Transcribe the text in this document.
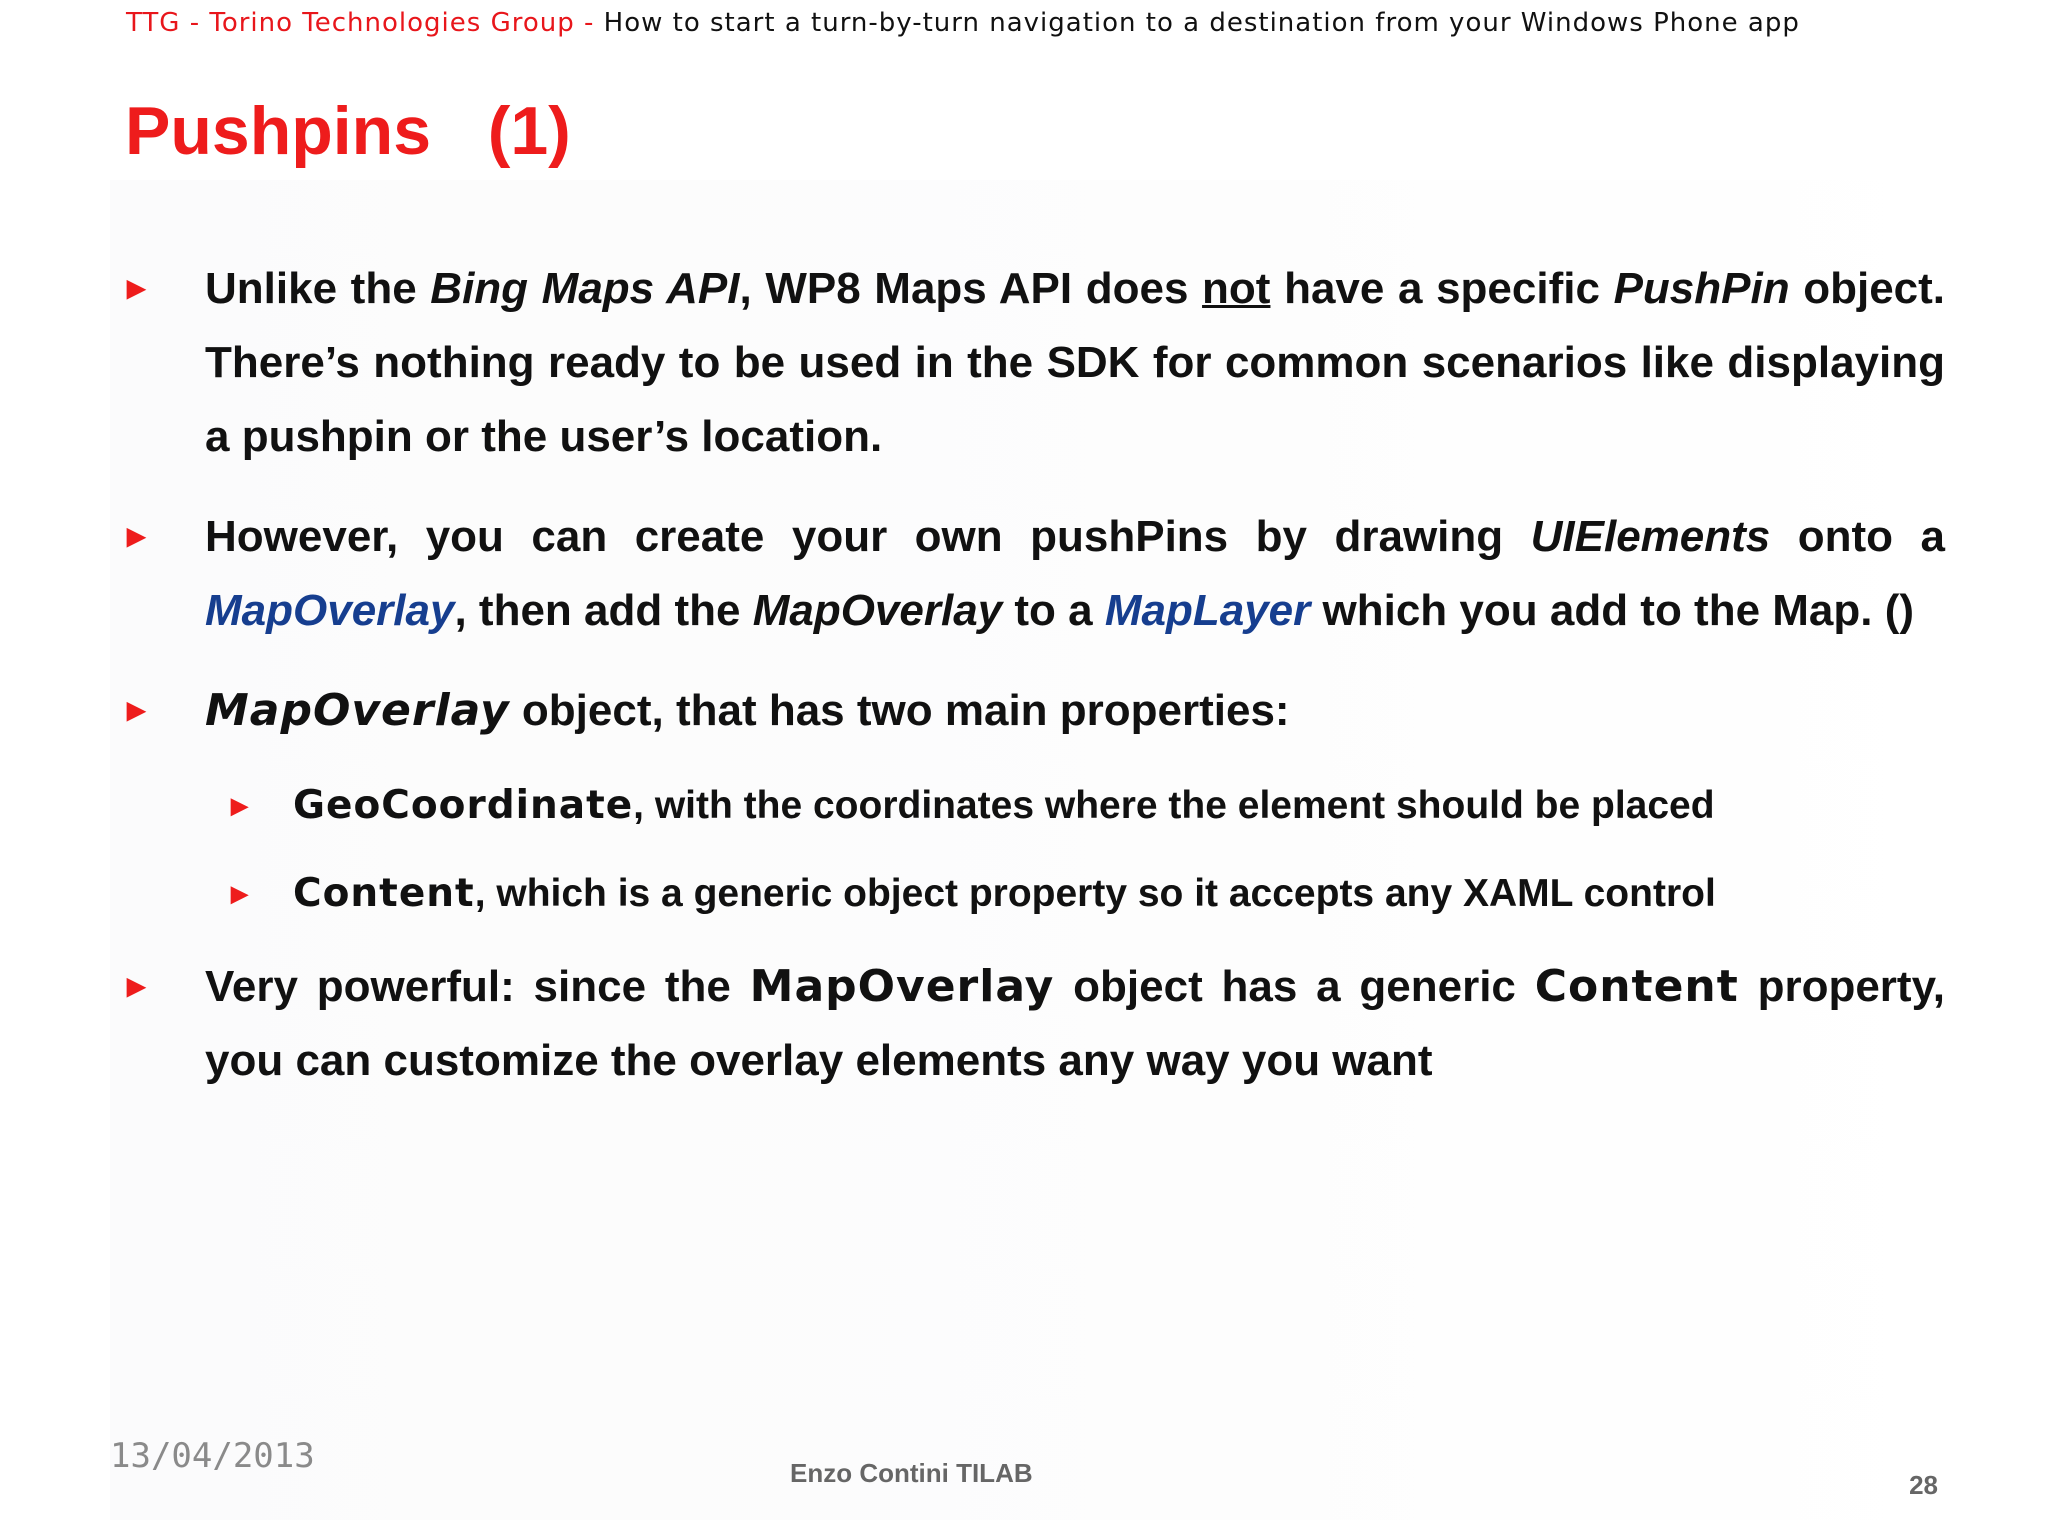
TTG - Torino Technologies Group - How to start a turn-by-turn navigation to a destination from your Windows Phone app
Pushpins   (1)
▶ Unlike the Bing Maps API, WP8 Maps API does not have a specific PushPin object. There’s nothing ready to be used in the SDK for common scenarios like displaying a pushpin or the user’s location.
▶ However, you can create your own pushPins by drawing UIElements onto a MapOverlay, then add the MapOverlay to a MapLayer which you add to the Map. ()
▶ MapOverlay object, that has two main properties:
▶ GeoCoordinate, with the coordinates where the element should be placed
▶ Content, which is a generic object property so it accepts any XAML control
▶ Very powerful: since the MapOverlay object has a generic Content property, you can customize the overlay elements any way you want
13/04/2013	Enzo Contini TILAB	28
